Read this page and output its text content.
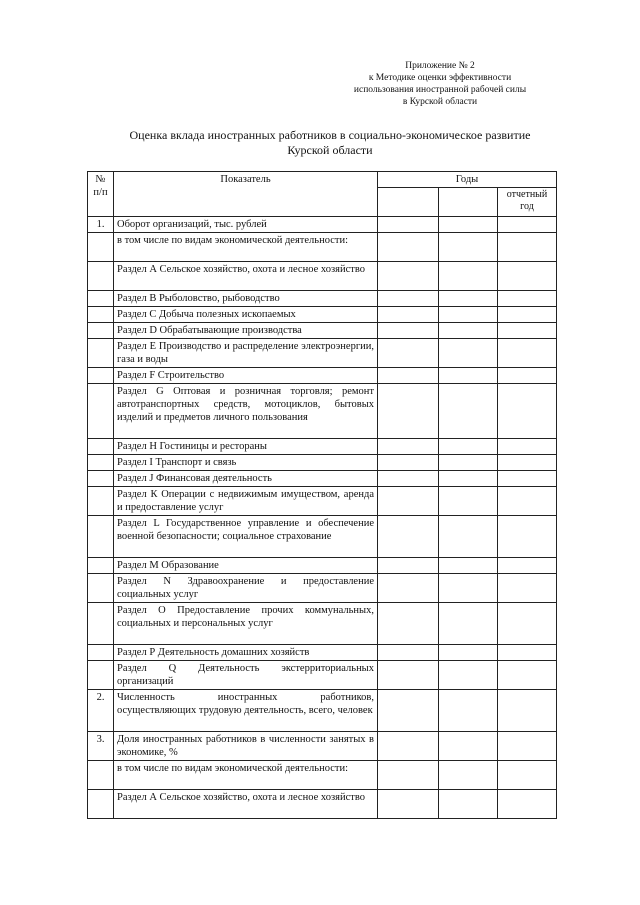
Приложение № 2
к Методике оценки эффективности
использования иностранной рабочей силы
в Курской области
Оценка вклада иностранных работников в социально-экономическое развитие
Курской области
№ п/п	Показатель	Годы		
				отчетный год
1.	Оборот организаций, тыс. рублей			
	в том числе по видам экономической деятельности:			
	Раздел А Сельское хозяйство, охота и лесное хозяйство			
	Раздел В Рыболовство, рыбоводство			
	Раздел С Добыча полезных ископаемых			
	Раздел D Обрабатывающие производства			
	Раздел Е Производство и распределение электроэнергии, газа и воды			
	Раздел F Строительство			
	Раздел G Оптовая и розничная торговля; ремонт автотранспортных средств, мотоциклов, бытовых изделий и предметов личного пользования			
	Раздел Н Гостиницы и рестораны			
	Раздел I Транспорт и связь			
	Раздел J Финансовая деятельность			
	Раздел К Операции с недвижимым имуществом, аренда и предоставление услуг			
	Раздел L Государственное управление и обеспечение военной безопасности; социальное страхование			
	Раздел М Образование			
	Раздел N Здравоохранение и предоставление социальных услуг			
	Раздел О Предоставление прочих коммунальных, социальных и персональных услуг			
	Раздел Р Деятельность домашних хозяйств			
	Раздел Q Деятельность экстерриториальных организаций			
2.	Численность иностранных работников, осуществляющих трудовую деятельность, всего, человек			
3.	Доля иностранных работников в численности занятых в экономике, %			
	в том числе по видам экономической деятельности:			
	Раздел А Сельское хозяйство, охота и лесное хозяйство			
